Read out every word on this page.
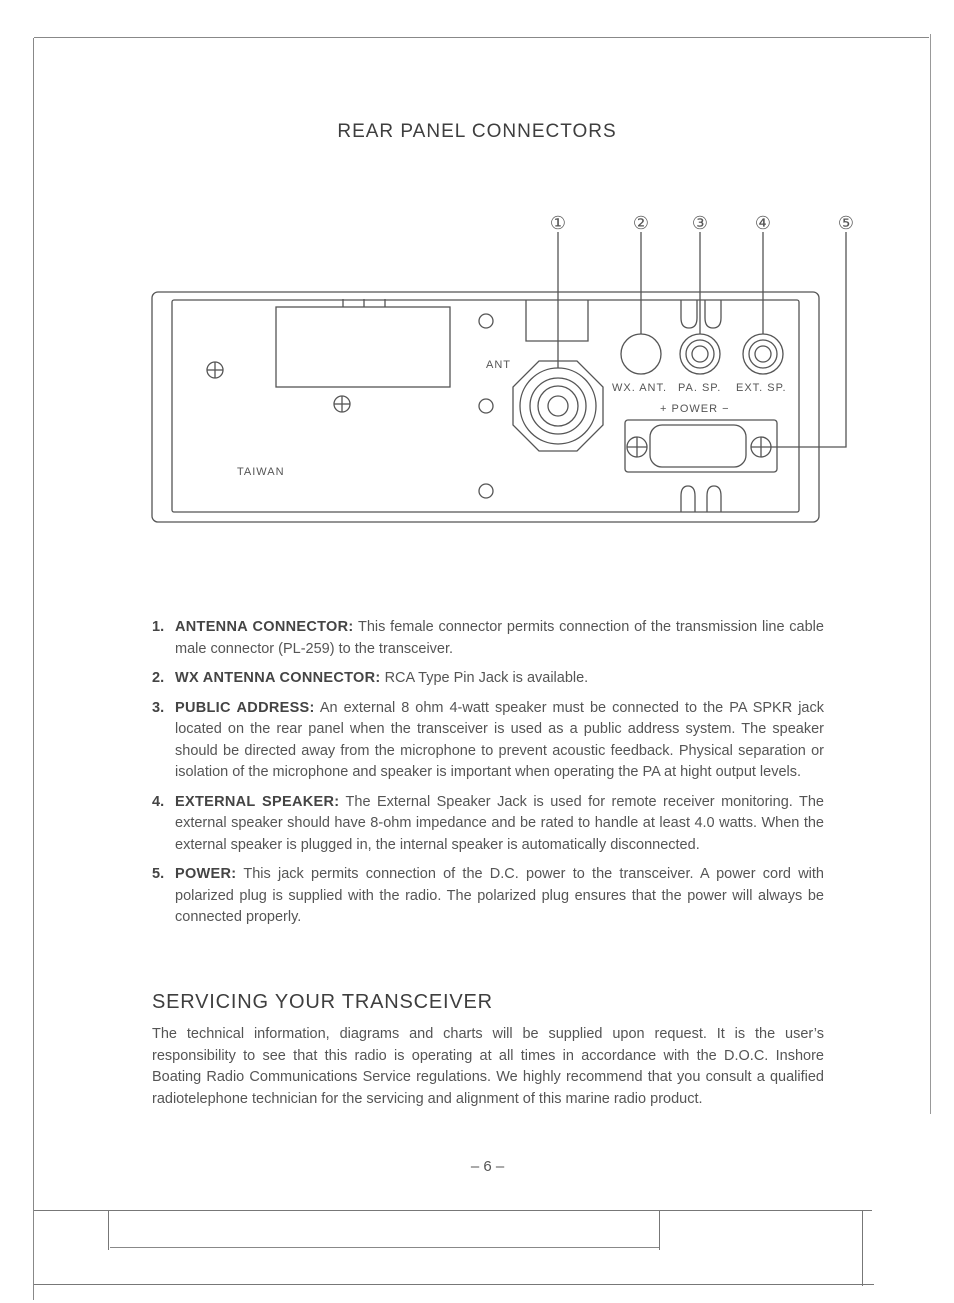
REAR PANEL CONNECTORS
①	② ③	④	⑤
ANT
WX. ANT. PA. SP. EXT. SP.
+ POWER −
TAIWAN
1. ANTENNA CONNECTOR: This female connector permits connection of the transmission line cable male connector (PL-259) to the transceiver.
2. WX ANTENNA CONNECTOR: RCA Type Pin Jack is available.
3. PUBLIC ADDRESS: An external 8 ohm 4-watt speaker must be connected to the PA SPKR jack located on the rear panel when the transceiver is used as a public address system. The speaker should be directed away from the microphone to prevent acoustic feedback. Physical separation or isolation of the microphone and speaker is important when operating the PA at hight output levels.
4. EXTERNAL SPEAKER: The External Speaker Jack is used for remote receiver monitoring. The external speaker should have 8-ohm impedance and be rated to handle at least 4.0 watts. When the external speaker is plugged in, the internal speaker is automatically disconnected.
5. POWER: This jack permits connection of the D.C. power to the transceiver. A power cord with polarized plug is supplied with the radio. The polarized plug ensures that the power will always be connected properly.
SERVICING YOUR TRANSCEIVER
The technical information, diagrams and charts will be supplied upon request. It is the user’s responsibility to see that this radio is operating at all times in accordance with the D.O.C. Inshore Boating Radio Communications Service regulations. We highly recommend that you consult a qualified radiotelephone technician for the servicing and alignment of this marine radio product.
– 6 –
